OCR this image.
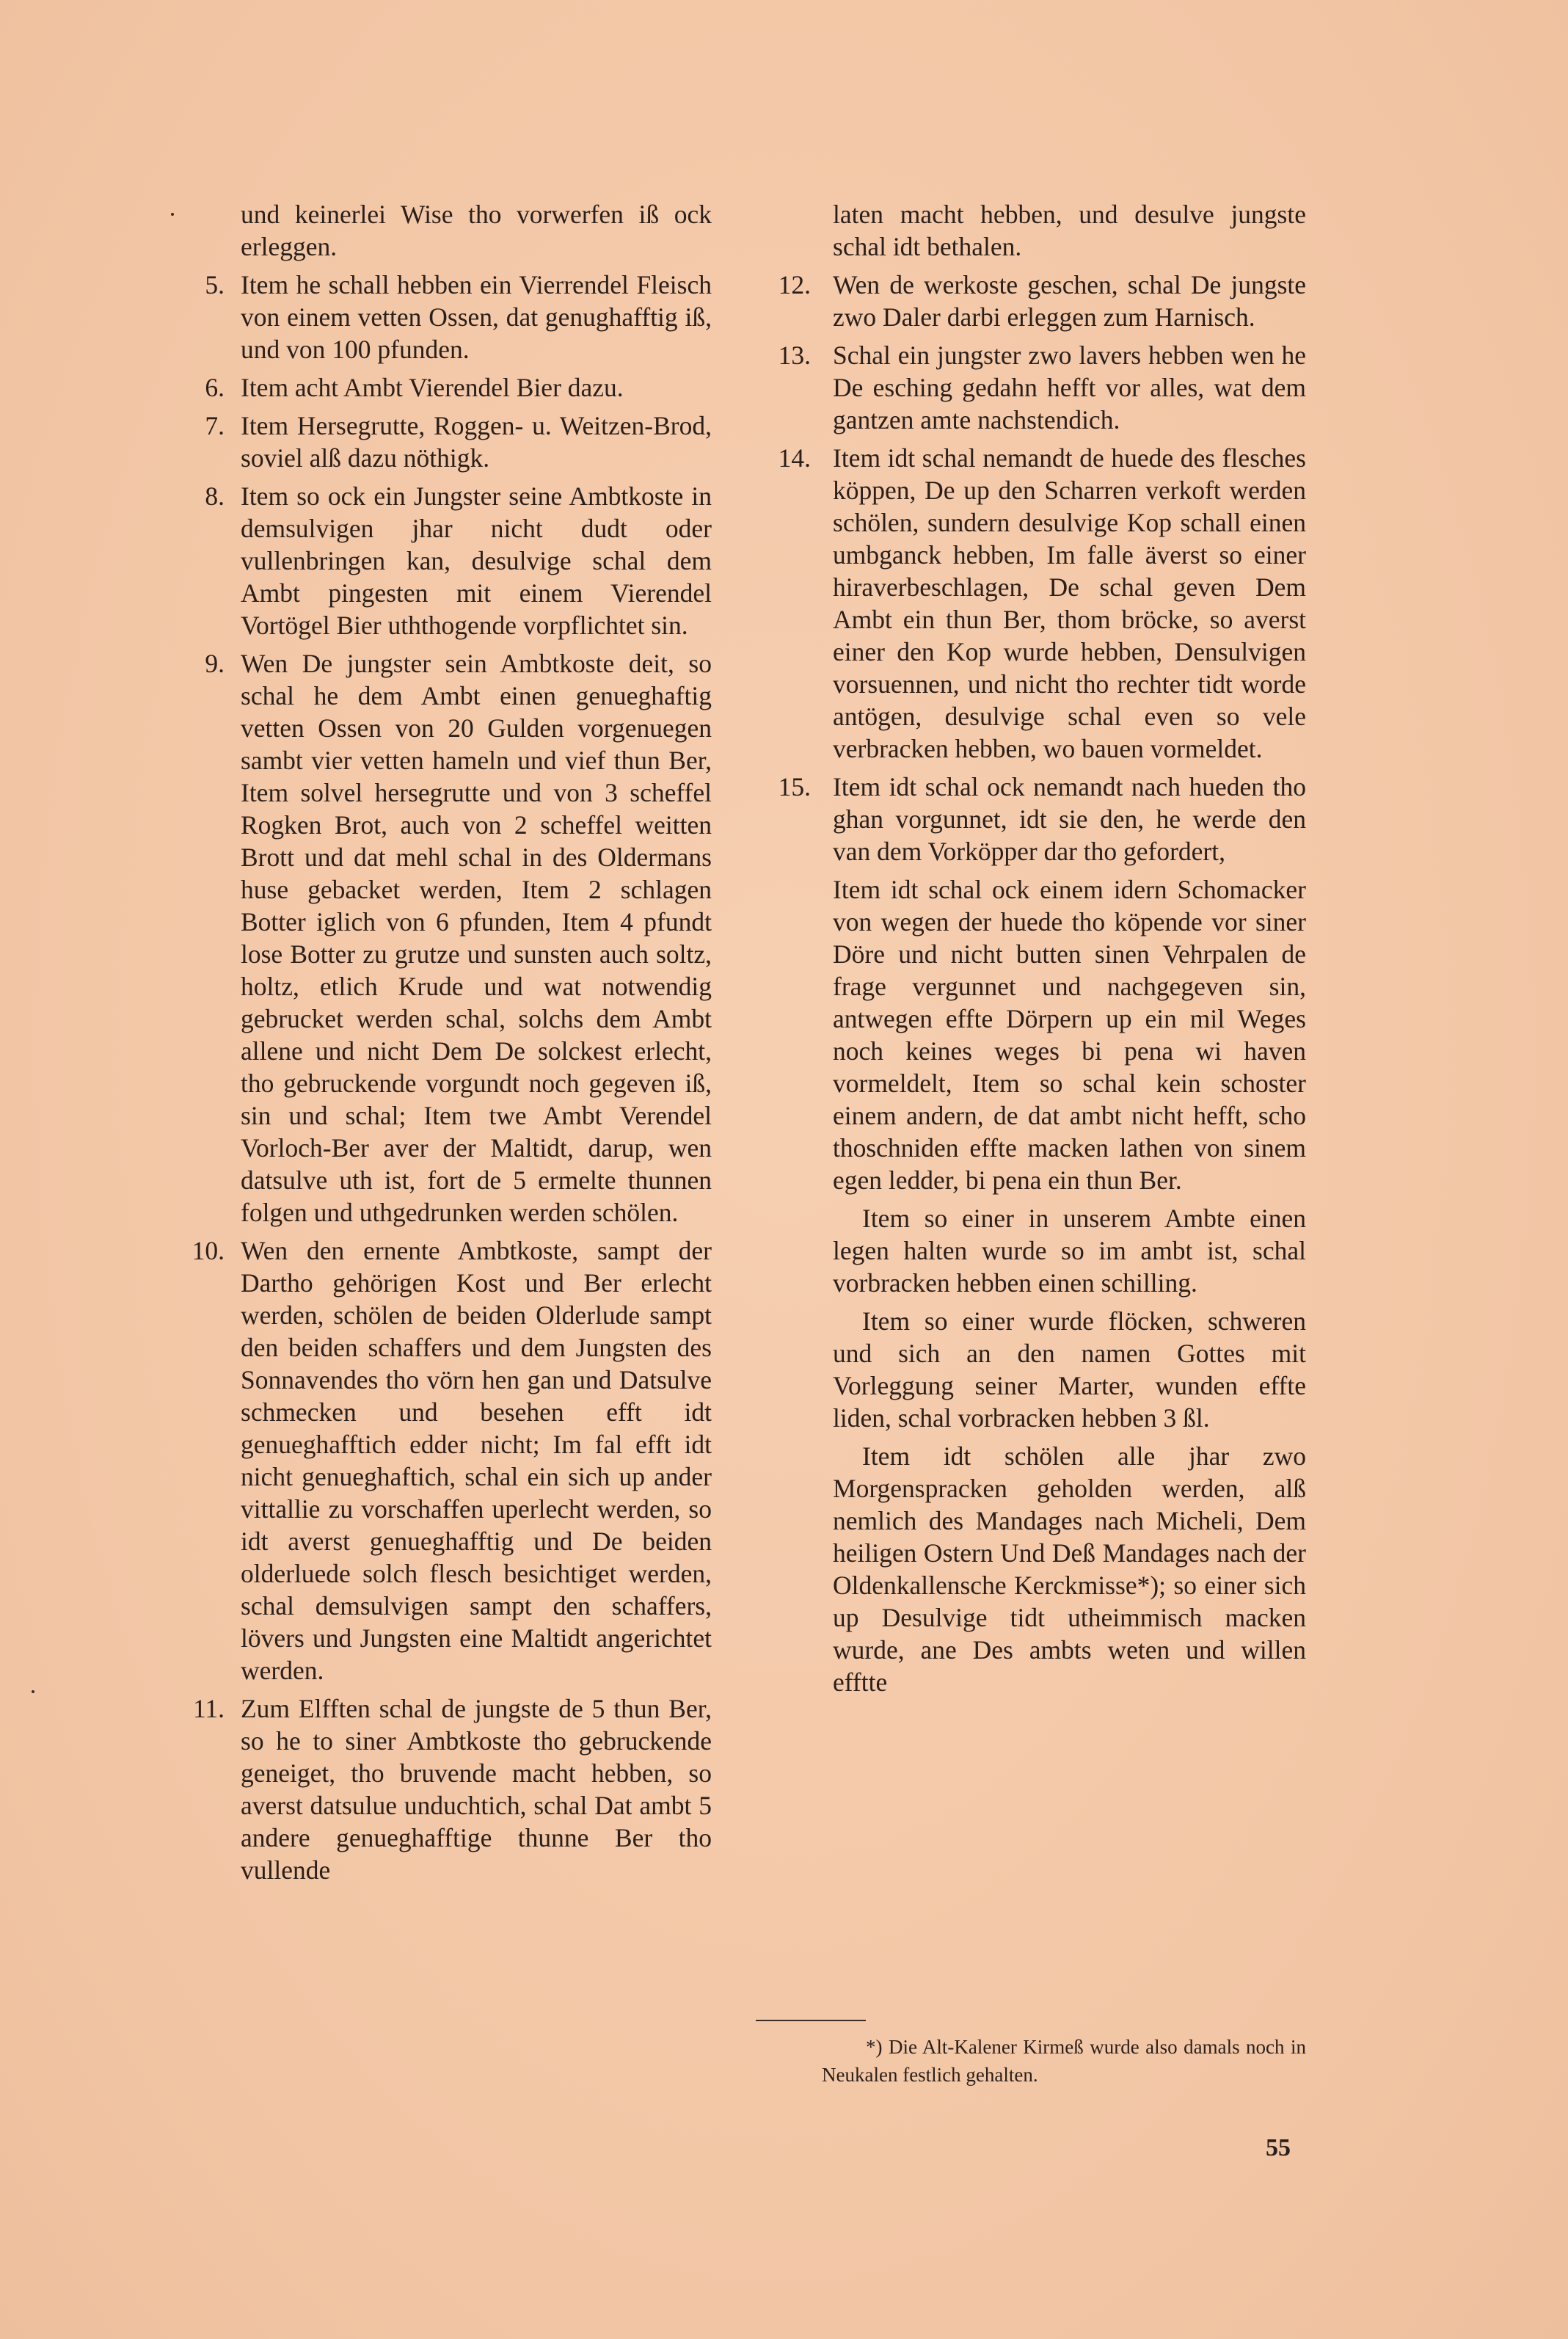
und keinerlei Wise tho vorwerfen iß ock erleggen.

5. Item he schall hebben ein Vierrendel Fleisch von einem vetten Ossen, dat genughafftig iß, und von 100 pfunden.
6. Item acht Ambt Vierendel Bier dazu.
7. Item Hersegrutte, Roggen- u. Weitzen-Brod, soviel alß dazu nöthigk.
8. Item so ock ein Jungster seine Ambtkoste in demsulvigen jhar nicht dudt oder vullenbringen kan, desulvige schal dem Ambt pingesten mit einem Vierendel Vortögel Bier uththogende vorpflichtet sin.
9. Wen De jungster sein Ambtkoste deit, so schal he dem Ambt einen genueghaftig vetten Ossen von 20 Gulden vorgenuegen sambt vier vetten hameln und vief thun Ber, Item solvel hersegrutte und von 3 scheffel Rogken Brot, auch von 2 scheffel weitten Brott und dat mehl schal in des Oldermans huse gebacket werden, Item 2 schlagen Botter iglich von 6 pfunden, Item 4 pfundt lose Botter zu grutze und sunsten auch soltz, holtz, etlich Krude und wat notwendig gebrucket werden schal, solchs dem Ambt allene und nicht Dem De solckest erlecht, tho gebruckende vorgundt noch gegeven iß, sin und schal; Item twe Ambt Verendel Vorloch-Ber aver der Maltidt, darup, wen datsulve uth ist, fort de 5 ermelte thunnen folgen und uthgedrunken werden schölen.
10. Wen den ernente Ambtkoste, sampt der Dartho gehörigen Kost und Ber erlecht werden, schölen de beiden Olderlude sampt den beiden schaffers und dem Jungsten des Sonnavendes tho vörn hen gan und Datsulve schmecken und besehen efft idt genueghafftich edder nicht; Im fal efft idt nicht genueghaftich, schal ein sich up ander vittallie zu vorschaffen uperlecht werden, so idt averst genueghafftig und De beiden olderluede solch flesch besichtiget werden, schal demsulvigen sampt den schaffers, lövers und Jungsten eine Maltidt angerichtet werden.
11. Zum Elfften schal de jungste de 5 thun Ber, so he to siner Ambtkoste tho gebruckende geneiget, tho bruvende macht hebben, so averst datsulue unduchtich, schal Dat ambt 5 andere genueghafftige thunne Ber tho vullende

laten macht hebben, und desulve jungste schal idt bethalen.

12. Wen de werkoste geschen, schal De jungste zwo Daler darbi erleggen zum Harnisch.
13. Schal ein jungster zwo lavers hebben wen he De esching gedahn hefft vor alles, wat dem gantzen amte nachstendich.
14. Item idt schal nemandt de huede des flesches köppen, De up den Scharren verkoft werden schölen, sundern desulvige Kop schall einen umbganck hebben, Im falle äverst so einer hiraverbeschlagen, De schal geven Dem Ambt ein thun Ber, thom bröcke, so averst einer den Kop wurde hebben, Densulvigen vorsuennen, und nicht tho rechter tidt worde antögen, desulvige schal even so vele verbracken hebben, wo bauen vormeldet.
15. Item idt schal ock nemandt nach hueden tho ghan vorgunnet, idt sie den, he werde den van dem Vorköpper dar tho gefordert,

Item idt schal ock einem idern Schomacker von wegen der huede tho köpende vor siner Döre und nicht butten sinen Vehrpalen de frage vergunnet und nachgegeven sin, antwegen effte Dörpern up ein mil Weges noch keines weges bi pena wi haven vormeldelt, Item so schal kein schoster einem andern, de dat ambt nicht hefft, scho thoschniden effte macken lathen von sinem egen ledder, bi pena ein thun Ber.

Item so einer in unserem Ambte einen legen halten wurde so im ambt ist, schal vorbracken hebben einen schilling.

Item so einer wurde flöcken, schweren und sich an den namen Gottes mit Vorleggung seiner Marter, wunden effte liden, schal vorbracken hebben 3 ßl.

Item idt schölen alle jhar zwo Morgenspracken geholden werden, alß nemlich des Mandages nach Micheli, Dem heiligen Ostern Und Deß Mandages nach der Oldenkallensche Kerckmisse*); so einer sich up Desulvige tidt utheimmisch macken wurde, ane Des ambts weten und willen efftte

*) Die Alt-Kalener Kirmeß wurde also damals noch in Neukalen festlich gehalten.
55
